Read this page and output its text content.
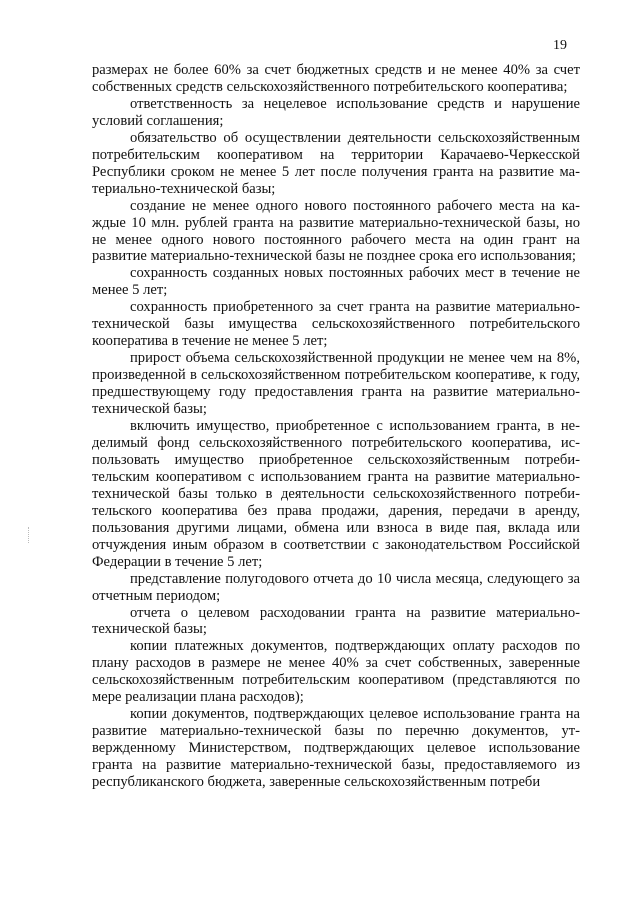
19

размерах не более 60% за счет бюджетных средств и не менее 40% за счет собственных средств сельскохозяйственного потребительского кооператива;

ответственность за нецелевое использование средств и нарушение условий соглашения;

обязательство об осуществлении деятельности сельскохозяйственным потребительским кооперативом на территории Карачаево-Черкесской Республики сроком не менее 5 лет после получения гранта на развитие материально-технической базы;

создание не менее одного нового постоянного рабочего места на каждые 10 млн. рублей гранта на развитие материально-технической базы, но не менее одного нового постоянного рабочего места на один грант на развитие материально-технической базы не позднее срока его использования;

сохранность созданных новых постоянных рабочих мест в течение не менее 5 лет;

сохранность приобретенного за счет гранта на развитие материально-технической базы имущества сельскохозяйственного потребительского кооператива в течение не менее 5 лет;

прирост объема сельскохозяйственной продукции не менее чем на 8%, произведенной в сельскохозяйственном потребительском кооперативе, к году, предшествующему году предоставления гранта на развитие материально-технической базы;

включить имущество, приобретенное с использованием гранта, в неделимый фонд сельскохозяйственного потребительского кооператива, использовать имущество приобретенное сельскохозяйственным потребительским кооперативом с использованием гранта на развитие материально-технической базы только в деятельности сельскохозяйственного потребительского кооператива без права продажи, дарения, передачи в аренду, пользования другими лицами, обмена или взноса в виде пая, вклада или отчуждения иным образом в соответствии с законодательством Российской Федерации в течение 5 лет;

представление полугодового отчета до 10 числа месяца, следующего за отчетным периодом;

отчета о целевом расходовании гранта на развитие материально-технической базы;

копии платежных документов, подтверждающих оплату расходов по плану расходов в размере не менее 40% за счет собственных, заверенные сельскохозяйственным потребительским кооперативом (представляются по мере реализации плана расходов);

копии документов, подтверждающих целевое использование гранта на развитие материально-технической базы по перечню документов, утвержденному Министерством, подтверждающих целевое использование гранта на развитие материально-технической базы, предоставляемого из республиканского бюджета, заверенные сельскохозяйственным потреби
